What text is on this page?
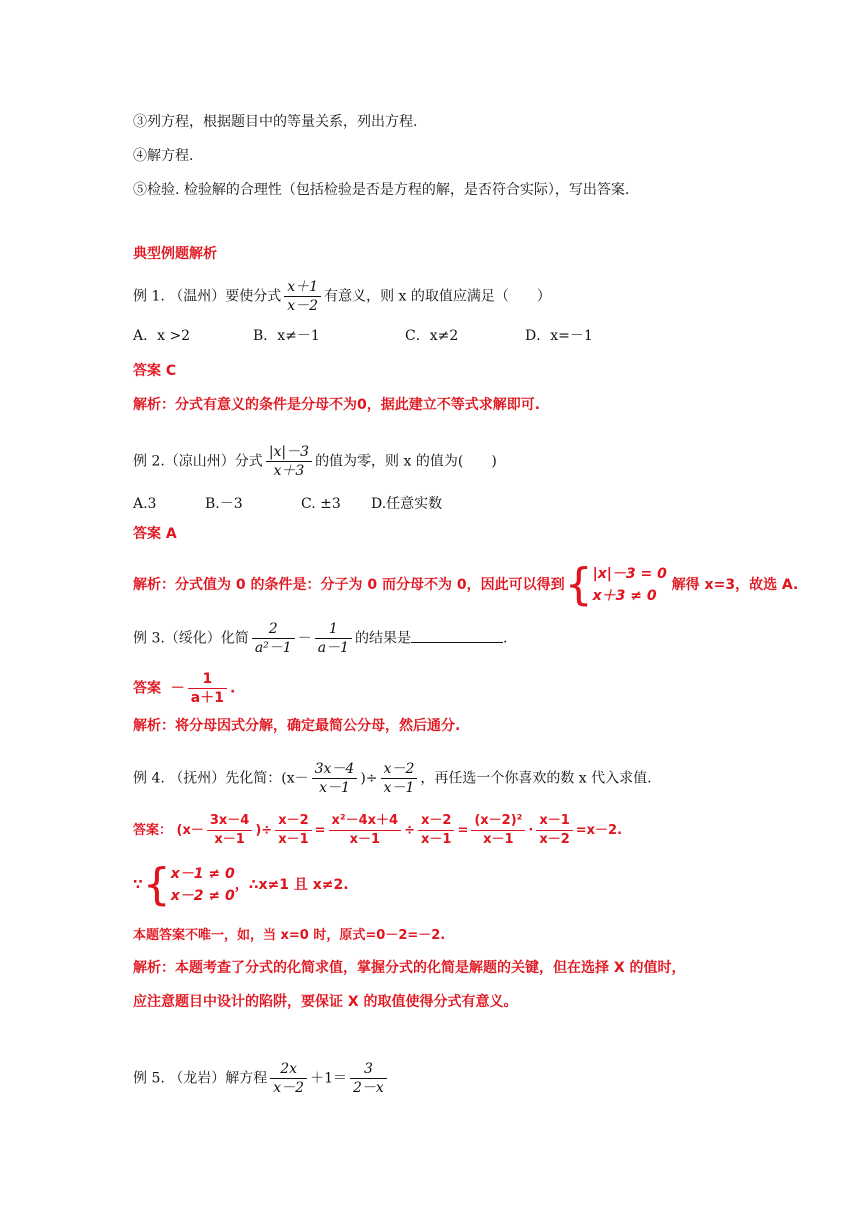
③列方程，根据题目中的等量关系，列出方程.
④解方程.
⑤检验. 检验解的合理性（包括检验是否是方程的解，是否符合实际），写出答案.
典型例题解析
例 1. （温州）要使分式 $\frac{x+1}{x-2}$ 有意义，则 x 的取值应满足（　　）
A．x >2	B．x≠－1	C．x≠2	D．x=－1
答案 C
解析：分式有意义的条件是分母不为0，据此建立不等式求解即可.
例 2.（凉山州）分式 $\frac{|x|-3}{x+3}$ 的值为零，则 x 的值为(　　)
A.3	B.－3	C. ±3 D.任意实数
答案 A
解析：分式值为 0 的条件是：分子为 0 而分母不为 0，因此可以得到{ |x|－3 = 0
x＋3 ≠ 0
解得 x=3，故选 A.
例 3.（绥化）化简 $\frac{2}{\text{a²－1}} - \frac{1}{a-1}$ 的结果是	.
答案 － $\frac{1}{a+1}$ .
解析：将分母因式分解，确定最简公分母，然后通分.
例 4. （抚州）先化简：($x- \frac{3x-4}{x-1}$ )÷ $\frac{x-2}{x-1}$ ，再任选一个你喜欢的数 x 代入求值.
答案： ($x- \frac{3x-4}{x-1}$ )÷ $\frac{x-2}{x-1} = \frac{\text{x²－4x＋4}}{x-1} \div \frac{x-2}{x-1} = \frac{\text{(x－2)²}}{x-1} \cdot \frac{x-1}{x-2} =x-2$.
∵{ x－1 ≠ 0
x－2 ≠ 0
，∴x≠1 且 x≠2.
本题答案不唯一，如，当 x=0 时，原式=0－2=－2.
解析：本题考查了分式的化简求值，掌握分式的化简是解题的关键，但在选择 X 的值时，
应注意题目中设计的陷阱，要保证 X 的取值使得分式有意义。
例 5. （龙岩）解方程 $\frac{2x}{x-2} +1= \frac{3}{2-x}$
